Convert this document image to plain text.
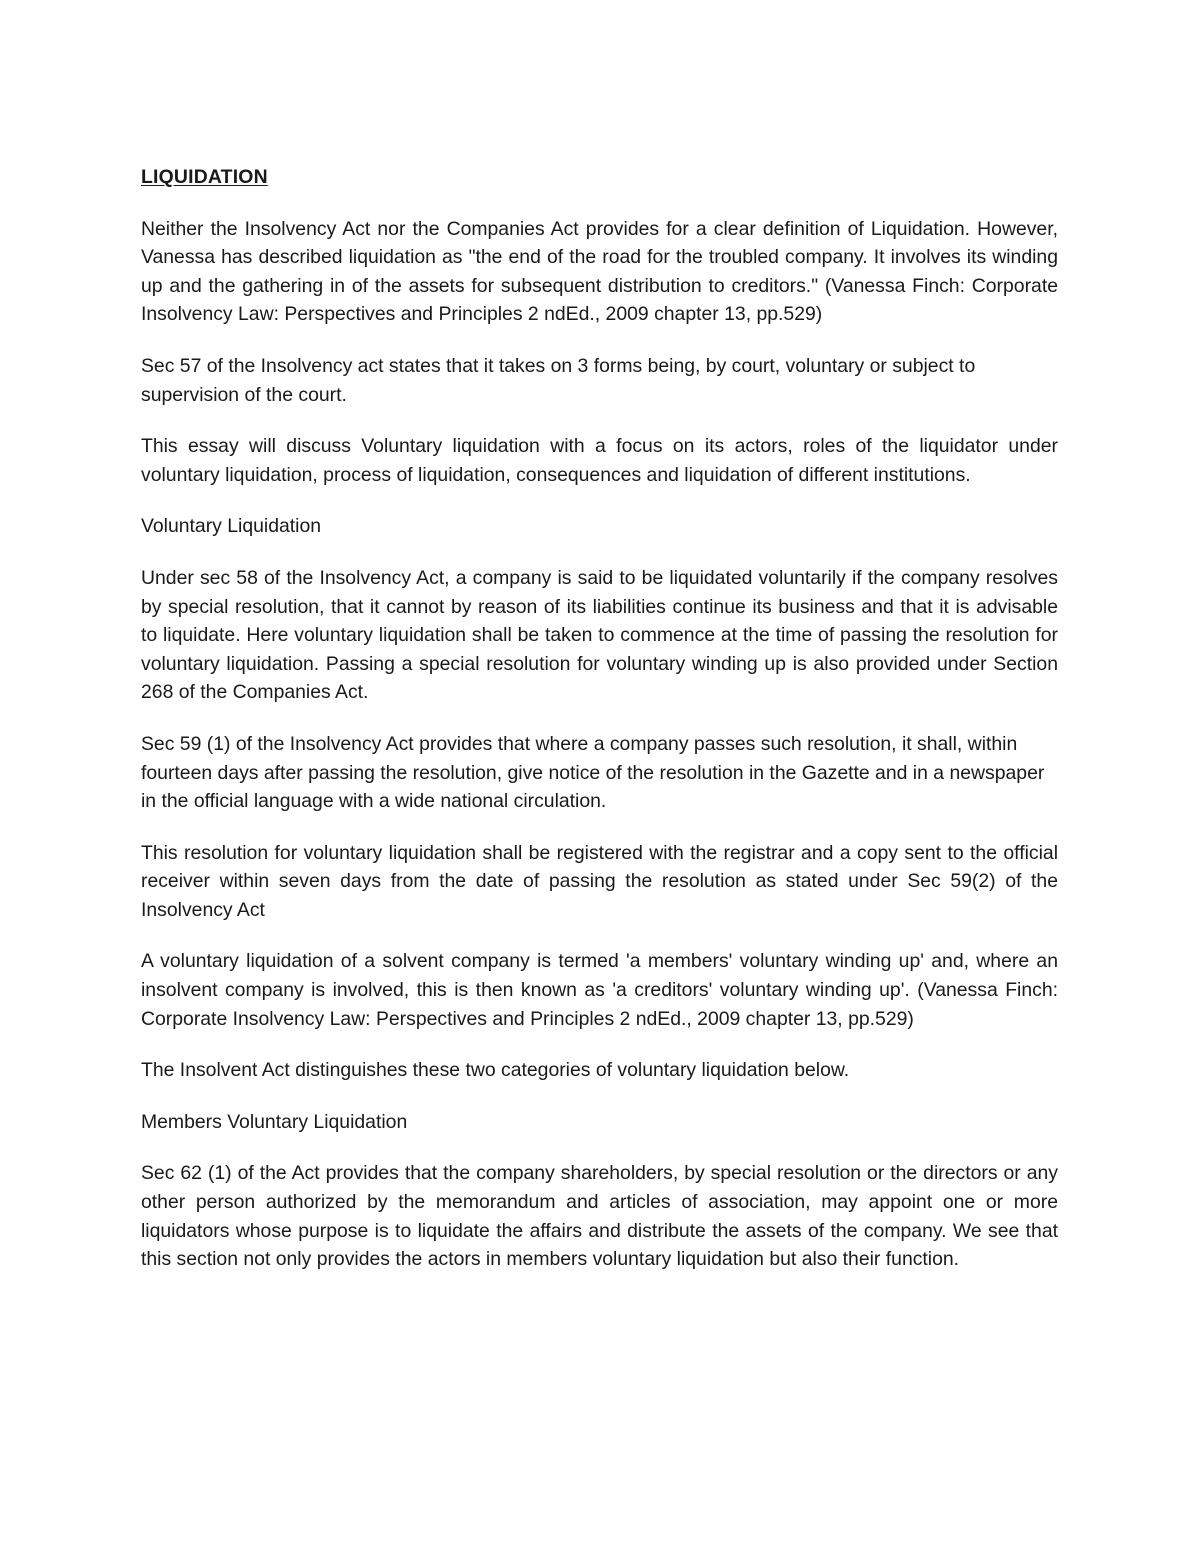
LIQUIDATION

Neither the Insolvency Act nor the Companies Act provides for a clear definition of Liquidation. However, Vanessa has described liquidation as "the end of the road for the troubled company. It involves its winding up and the gathering in of the assets for subsequent distribution to creditors." (Vanessa Finch: Corporate Insolvency Law: Perspectives and Principles 2 ndEd., 2009 chapter 13, pp.529)

Sec 57 of the Insolvency act states that it takes on 3 forms being, by court, voluntary or subject to supervision of the court.

This essay will discuss Voluntary liquidation with a focus on its actors, roles of the liquidator under voluntary liquidation, process of liquidation, consequences and liquidation of different institutions.

Voluntary Liquidation

Under sec 58 of the Insolvency Act, a company is said to be liquidated voluntarily if the company resolves by special resolution, that it cannot by reason of its liabilities continue its business and that it is advisable to liquidate. Here voluntary liquidation shall be taken to commence at the time of passing the resolution for voluntary liquidation. Passing a special resolution for voluntary winding up is also provided under Section 268 of the Companies Act.

Sec 59 (1) of the Insolvency Act provides that where a company passes such resolution, it shall, within fourteen days after passing the resolution, give notice of the resolution in the Gazette and in a newspaper in the official language with a wide national circulation.

This resolution for voluntary liquidation shall be registered with the registrar and a copy sent to the official receiver within seven days from the date of passing the resolution as stated under Sec 59(2) of the Insolvency Act

A voluntary liquidation of a solvent company is termed 'a members' voluntary winding up' and, where an insolvent company is involved, this is then known as 'a creditors' voluntary winding up'. (Vanessa Finch: Corporate Insolvency Law: Perspectives and Principles 2 ndEd., 2009 chapter 13, pp.529)

The Insolvent Act distinguishes these two categories of voluntary liquidation below.

Members Voluntary Liquidation

Sec 62 (1) of the Act provides that the company shareholders, by special resolution or the directors or any other person authorized by the memorandum and articles of association, may appoint one or more liquidators whose purpose is to liquidate the affairs and distribute the assets of the company. We see that this section not only provides the actors in members voluntary liquidation but also their function.
